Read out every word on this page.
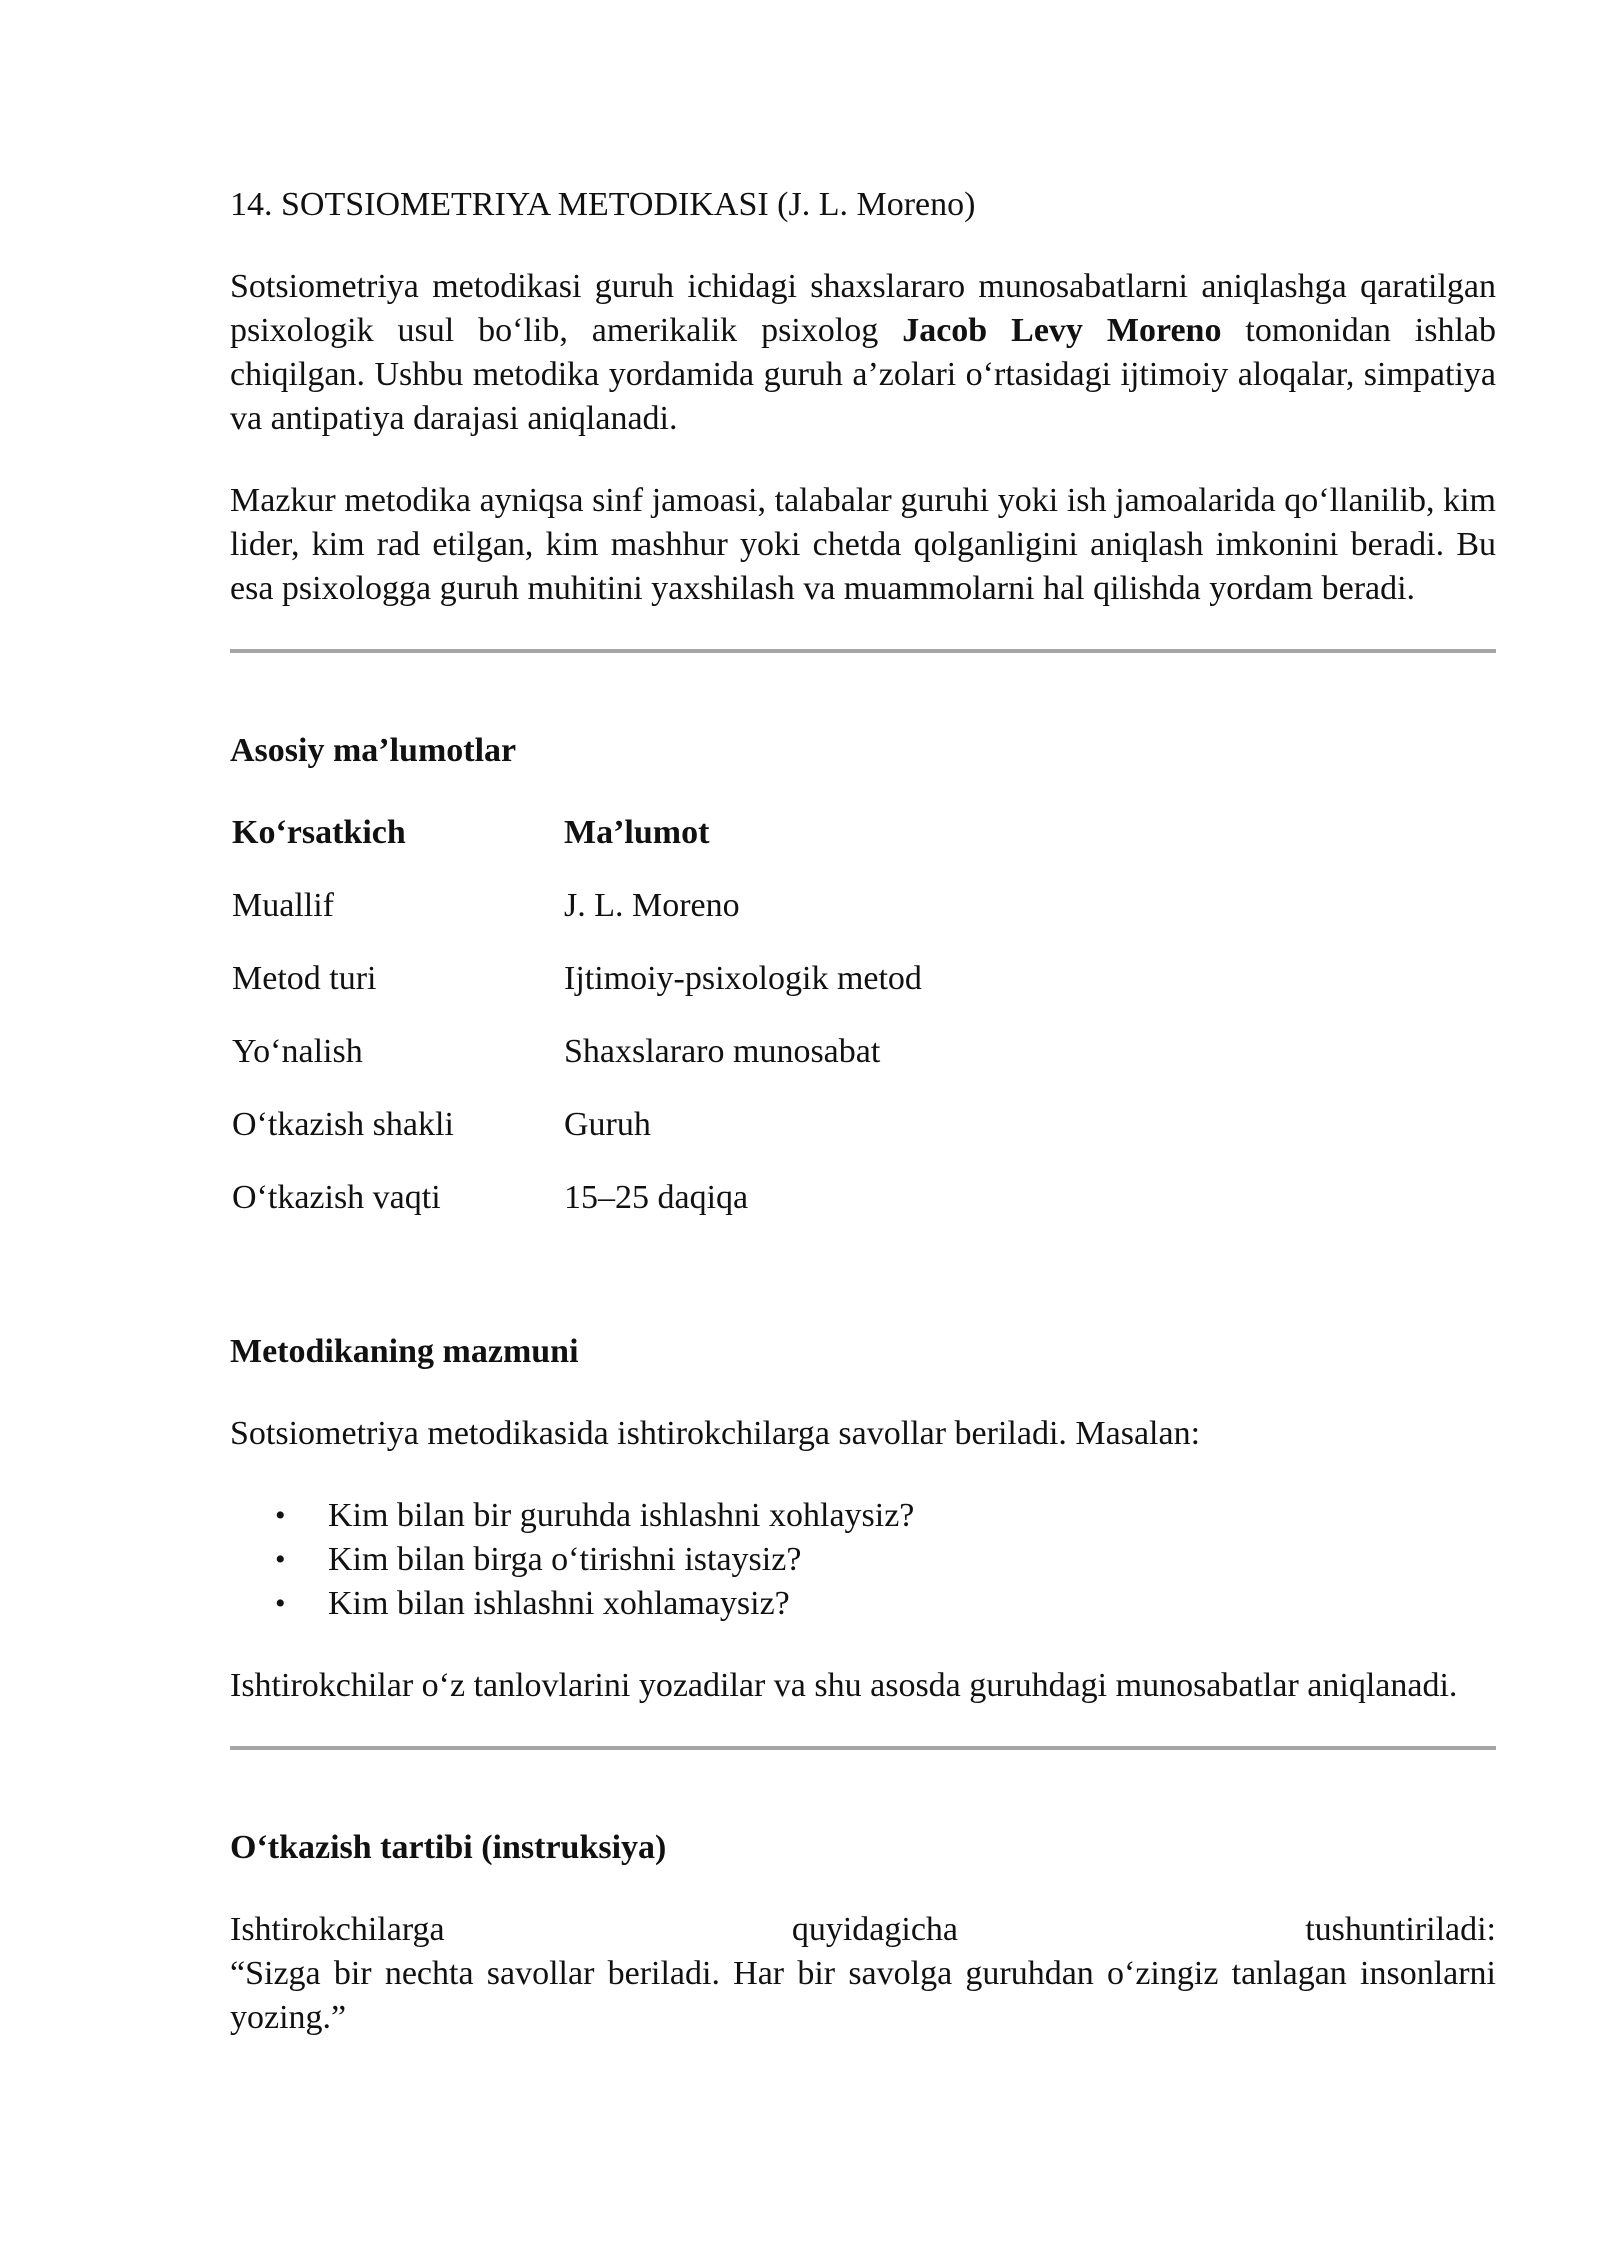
14. SOTSIOMETRIYA METODIKASI (J. L. Moreno)

Sotsiometriya metodikasi guruh ichidagi shaxslararo munosabatlarni aniqlashga qaratilgan psixologik usul bo‘lib, amerikalik psixolog Jacob Levy Moreno tomonidan ishlab chiqilgan. Ushbu metodika yordamida guruh a’zolari o‘rtasidagi ijtimoiy aloqalar, simpatiya va antipatiya darajasi aniqlanadi.

Mazkur metodika ayniqsa sinf jamoasi, talabalar guruhi yoki ish jamoalarida qo‘llanilib, kim lider, kim rad etilgan, kim mashhur yoki chetda qolganligini aniqlash imkonini beradi. Bu esa psixologga guruh muhitini yaxshilash va muammolarni hal qilishda yordam beradi.

Asosiy ma’lumotlar
Ko‘rsatkich	Ma’lumot
Muallif	J. L. Moreno
Metod turi	Ijtimoiy-psixologik metod
Yo‘nalish	Shaxslararo munosabat
O‘tkazish shakli	Guruh
O‘tkazish vaqti	15–25 daqiqa
Metodikaning mazmuni

Sotsiometriya metodikasida ishtirokchilarga savollar beriladi. Masalan:

• Kim bilan bir guruhda ishlashni xohlaysiz?
• Kim bilan birga o‘tirishni istaysiz?
• Kim bilan ishlashni xohlamaysiz?

Ishtirokchilar o‘z tanlovlarini yozadilar va shu asosda guruhdagi munosabatlar aniqlanadi.

O‘tkazish tartibi (instruksiya)

Ishtirokchilarga quyidagicha tushuntiriladi:

“Sizga bir nechta savollar beriladi. Har bir savolga guruhdan o‘zingiz tanlagan insonlarni yozing.”
